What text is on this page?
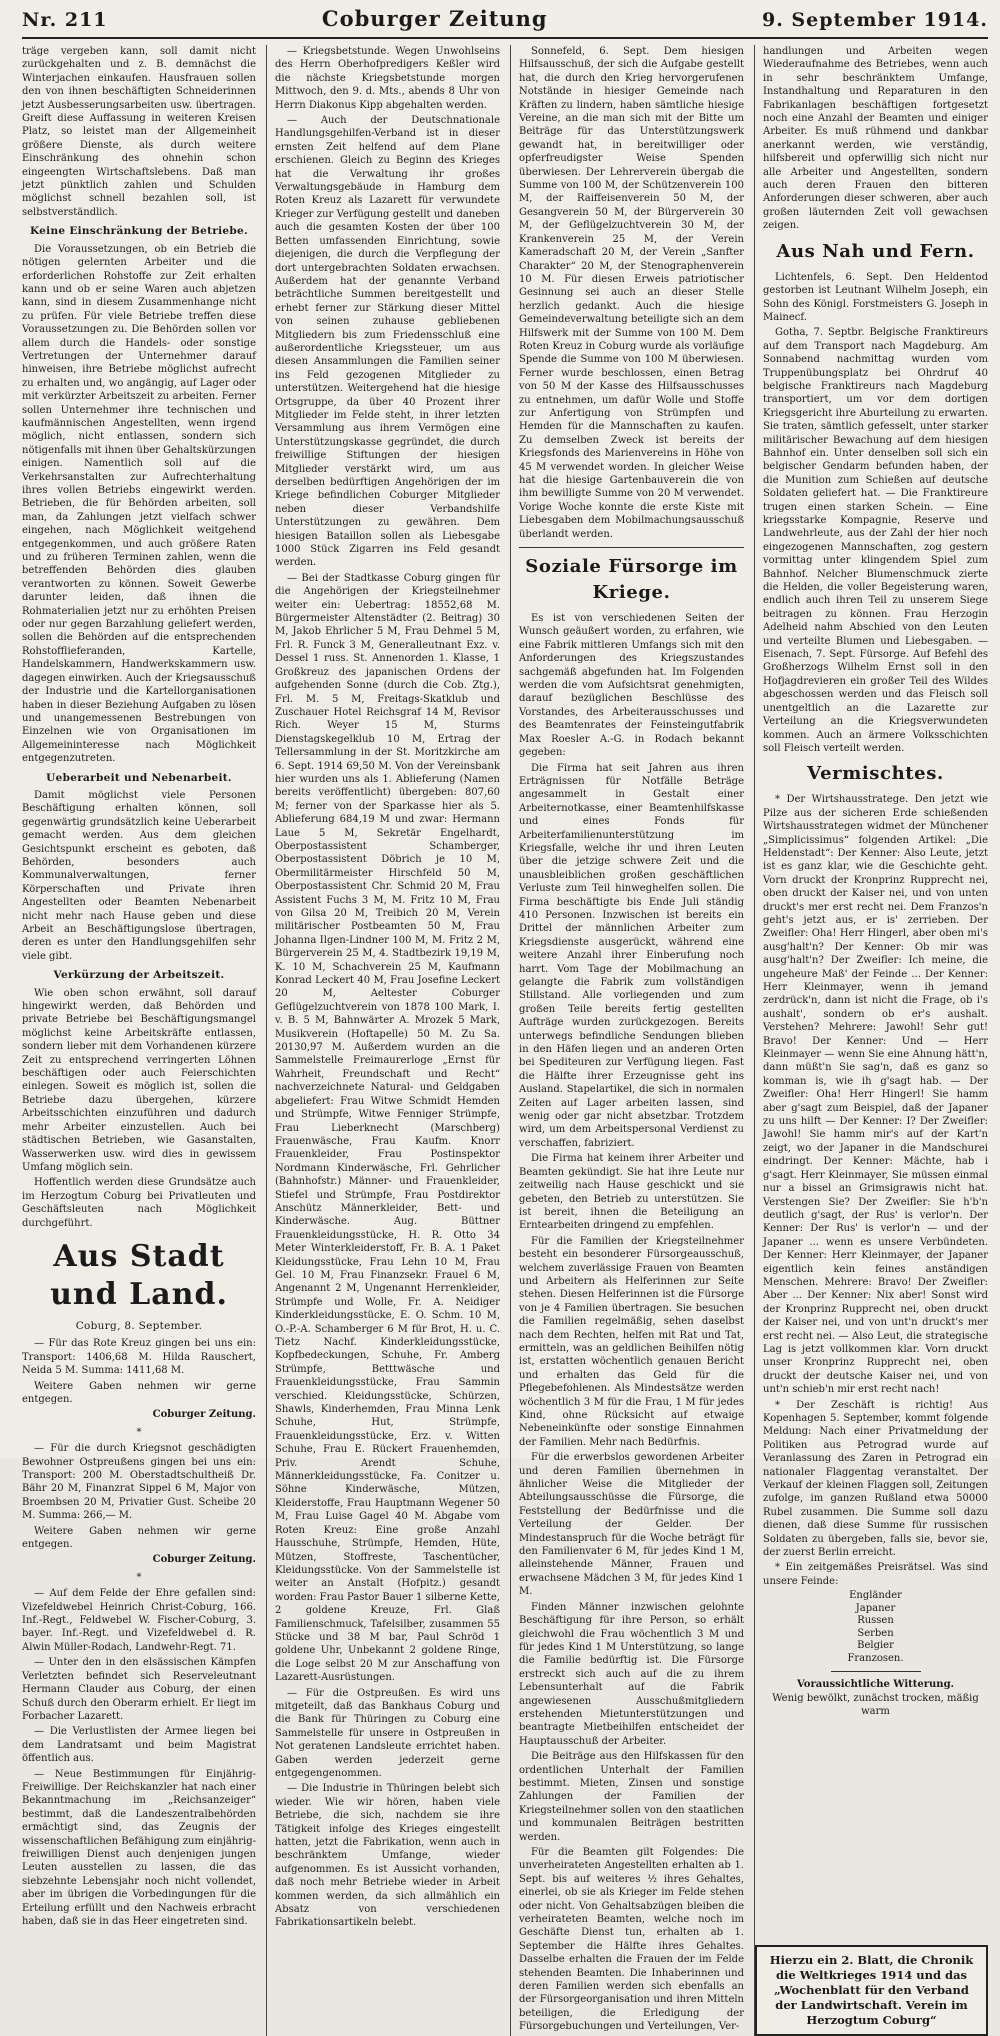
Nr. 211	Coburger Zeitung	9. September 1914.

träge vergeben kann, soll damit nicht zurückgehalten und z. B. demnächst die Winterjachen einkaufen. Hausfrauen sollen den von ihnen beschäftigten Schneiderinnen jetzt Ausbesserungsarbeiten usw. übertragen. Greift diese Auffassung in weiteren Kreisen Platz, so leistet man der Allgemeinheit größere Dienste, als durch weitere Einschränkung des ohnehin schon eingeengten Wirtschaftslebens. Daß man jetzt pünktlich zahlen und Schulden möglichst schnell bezahlen soll, ist selbstverständlich.

Keine Einschränkung der Betriebe.

Die Voraussetzungen, ob ein Betrieb die nötigen gelernten Arbeiter und die erforderlichen Rohstoffe zur Zeit erhalten kann und ob er seine Waren auch abjetzen kann, sind in diesem Zusammenhange nicht zu prüfen. Für viele Betriebe treffen diese Voraussetzungen zu. Die Behörden sollen vor allem durch die Handels- oder sonstige Vertretungen der Unternehmer darauf hinweisen, ihre Betriebe möglichst aufrecht zu erhalten und, wo angängig, auf Lager oder mit verkürzter Arbeitszeit zu arbeiten. Ferner sollen Unternehmer ihre technischen und kaufmännischen Angestellten, wenn irgend möglich, nicht entlassen, sondern sich nötigenfalls mit ihnen über Gehaltskürzungen einigen. Namentlich soll auf die Verkehrsanstalten zur Aufrechterhaltung ihres vollen Betriebs eingewirkt werden. Betrieben, die für Behörden arbeiten, soll man, da Zahlungen jetzt vielfach schwer eingehen, nach Möglichkeit weitgehend entgegenkommen, und auch größere Raten und zu früheren Terminen zahlen, wenn die betreffenden Behörden dies glauben verantworten zu können. Soweit Gewerbe darunter leiden, daß ihnen die Rohmaterialien jetzt nur zu erhöhten Preisen oder nur gegen Barzahlung geliefert werden, sollen die Behörden auf die entsprechenden Rohstofflieferanden, Kartelle, Handelskammern, Handwerkskammern usw. dagegen einwirken. Auch der Kriegsausschuß der Industrie und die Kartellorganisationen haben in dieser Beziehung Aufgaben zu lösen und unangemessenen Bestrebungen von Einzelnen wie von Organisationen im Allgemeininteresse nach Möglichkeit entgegenzutreten.

Ueberarbeit und Nebenarbeit.

Damit möglichst viele Personen Beschäftigung erhalten können, soll gegenwärtig grundsätzlich keine Ueberarbeit gemacht werden. Aus dem gleichen Gesichtspunkt erscheint es geboten, daß Behörden, besonders auch Kommunalverwaltungen, ferner Körperschaften und Private ihren Angestellten oder Beamten Nebenarbeit nicht mehr nach Hause geben und diese Arbeit an Beschäftigungslose übertragen, deren es unter den Handlungsgehilfen sehr viele gibt.

Verkürzung der Arbeitszeit.

Wie oben schon erwähnt, soll darauf hingewirkt werden, daß Behörden und private Betriebe bei Beschäftigungsmangel möglichst keine Arbeitskräfte entlassen, sondern lieber mit dem Vorhandenen kürzere Zeit zu entsprechend verringerten Löhnen beschäftigen oder auch Feierschichten einlegen. Soweit es möglich ist, sollen die Betriebe dazu übergehen, kürzere Arbeitsschichten einzuführen und dadurch mehr Arbeiter einzustellen. Auch bei städtischen Betrieben, wie Gasanstalten, Wasserwerken usw. wird dies in gewissem Umfang möglich sein.

Hoffentlich werden diese Grundsätze auch im Herzogtum Coburg bei Privatleuten und Geschäftsleuten nach Möglichkeit durchgeführt.

Aus Stadt und Land.
Coburg, 8. September.

— Für das Rote Kreuz gingen bei uns ein: Transport: 1406,68 M. Hilda Rauschert, Neida 5 M. Summa: 1411,68 M.

Weitere Gaben nehmen wir gerne entgegen.

Coburger Zeitung.
*

— Für die durch Kriegsnot geschädigten Bewohner Ostpreußens gingen bei uns ein: Transport: 200 M. Oberstadtschultheiß Dr. Bähr 20 M, Finanzrat Sippel 6 M, Major von Broembsen 20 M, Privatier Gust. Scheibe 20 M. Summa: 266,— M.

Weitere Gaben nehmen wir gerne entgegen.

Coburger Zeitung.
*

— Auf dem Felde der Ehre gefallen sind: Vizefeldwebel Heinrich Christ-Coburg, 166. Inf.-Regt., Feldwebel W. Fischer-Coburg, 3. bayer. Inf.-Regt. und Vizefeldwebel d. R. Alwin Müller-Rodach, Landwehr-Regt. 71.

— Unter den in den elsässischen Kämpfen Verletzten befindet sich Reserveleutnant Hermann Clauder aus Coburg, der einen Schuß durch den Oberarm erhielt. Er liegt im Forbacher Lazarett.

— Die Verlustlisten der Armee liegen bei dem Landratsamt und beim Magistrat öffentlich aus.

— Neue Bestimmungen für Einjährig-Freiwillige. Der Reichskanzler hat nach einer Bekanntmachung im „Reichsanzeiger“ bestimmt, daß die Landeszentralbehörden ermächtigt sind, das Zeugnis der wissenschaftlichen Befähigung zum einjährig-freiwilligen Dienst auch denjenigen jungen Leuten ausstellen zu lassen, die das siebzehnte Lebensjahr noch nicht vollendet, aber im übrigen die Vorbedingungen für die Erteilung erfüllt und den Nachweis erbracht haben, daß sie in das Heer eingetreten sind.

— Kriegsbetstunde. Wegen Unwohlseins des Herrn Oberhofpredigers Keßler wird die nächste Kriegsbetstunde morgen Mittwoch, den 9. d. Mts., abends 8 Uhr von Herrn Diakonus Kipp abgehalten werden.

— Auch der Deutschnationale Handlungsgehilfen-Verband ist in dieser ernsten Zeit helfend auf dem Plane erschienen. Gleich zu Beginn des Krieges hat die Verwaltung ihr großes Verwaltungsgebäude in Hamburg dem Roten Kreuz als Lazarett für verwundete Krieger zur Verfügung gestellt und daneben auch die gesamten Kosten der über 100 Betten umfassenden Einrichtung, sowie diejenigen, die durch die Verpflegung der dort untergebrachten Soldaten erwachsen. Außerdem hat der genannte Verband beträchtliche Summen bereitgestellt und erhebt ferner zur Stärkung dieser Mittel von seinen zuhause gebliebenen Mitgliedern bis zum Friedensschluß eine außerordentliche Kriegssteuer, um aus diesen Ansammlungen die Familien seiner ins Feld gezogenen Mitglieder zu unterstützen. Weitergehend hat die hiesige Ortsgruppe, da über 40 Prozent ihrer Mitglieder im Felde steht, in ihrer letzten Versammlung aus ihrem Vermögen eine Unterstützungskasse gegründet, die durch freiwillige Stiftungen der hiesigen Mitglieder verstärkt wird, um aus derselben bedürftigen Angehörigen der im Kriege befindlichen Coburger Mitglieder neben dieser Verbandshilfe Unterstützungen zu gewähren. Dem hiesigen Bataillon sollen als Liebesgabe 1000 Stück Zigarren ins Feld gesandt werden.

— Bei der Stadtkasse Coburg gingen für die Angehörigen der Kriegsteilnehmer weiter ein: Uebertrag: 18552,68 M. Bürgermeister Altenstädter (2. Beitrag) 30 M, Jakob Ehrlicher 5 M, Frau Dehmel 5 M, Frl. R. Funck 3 M, Generalleutnant Exz. v. Dessel 1 russ. St. Annenorden 1. Klasse, 1 Großkreuz des japanischen Ordens der aufgehenden Sonne (durch die Cob. Ztg.), Frl. M. 5 M, Freitags-Skatklub und Zuschauer Hotel Reichsgraf 14 M, Revisor Rich. Weyer 15 M, Sturms Dienstagskegelklub 10 M, Ertrag der Tellersammlung in der St. Moritzkirche am 6. Sept. 1914 69,50 M. Von der Vereinsbank hier wurden uns als 1. Ablieferung (Namen bereits veröffentlicht) übergeben: 807,60 M; ferner von der Sparkasse hier als 5. Ablieferung 684,19 M und zwar: Hermann Laue 5 M, Sekretär Engelhardt, Oberpostassistent Schamberger, Oberpostassistent Döbrich je 10 M, Obermilitärmeister Hirschfeld 50 M, Oberpostassistent Chr. Schmid 20 M, Frau Assistent Fuchs 3 M, M. Fritz 10 M, Frau von Gilsa 20 M, Treibich 20 M, Verein militärischer Postbeamten 50 M, Frau Johanna Ilgen-Lindner 100 M, M. Fritz 2 M, Bürgerverein 25 M, 4. Stadtbezirk 19,19 M, K. 10 M, Schachverein 25 M, Kaufmann Konrad Leckert 40 M, Frau Josefine Leckert 20 M, Aeltester Coburger Geflügelzuchtverein von 1878 100 Mark, I. v. B. 5 M, Bahnwärter A. Mrozek 5 Mark, Musikverein (Hoftapelle) 50 M. Zu Sa. 20130,97 M. Außerdem wurden an die Sammelstelle Freimaurerloge „Ernst für Wahrheit, Freundschaft und Recht“ nachverzeichnete Natural- und Geldgaben abgeliefert: Frau Witwe Schmidt Hemden und Strümpfe, Witwe Fenniger Strümpfe, Frau Lieberknecht (Marschberg) Frauenwäsche, Frau Kaufm. Knorr Frauenkleider, Frau Postinspektor Nordmann Kinderwäsche, Frl. Gehrlicher (Bahnhofstr.) Männer- und Frauenkleider, Stiefel und Strümpfe, Frau Postdirektor Anschütz Männerkleider, Bett- und Kinderwäsche. Aug. Büttner Frauenkleidungsstücke, H. R. Otto 34 Meter Winterkleiderstoff, Fr. B. A. 1 Paket Kleidungsstücke, Frau Lehn 10 M, Frau Gel. 10 M, Frau Finanzsekr. Frauel 6 M, Angenannt 2 M, Ungenannt Herrenkleider, Strümpfe und Wolle, Fr. A. Neidiger Kinderkleidungsstücke, E. O. Schm. 10 M, O.-P.-A. Schamberger 6 M für Brot, H. u. C. Tietz Nachf. Kinderkleidungsstücke, Kopfbedeckungen, Schuhe, Fr. Amberg Strümpfe, Betttwäsche und Frauenkleidungsstücke, Frau Sammin verschied. Kleidungsstücke, Schürzen, Shawls, Kinderhemden, Frau Minna Lenk Schuhe, Hut, Strümpfe, Frauenkleidungsstücke, Erz. v. Witten Schuhe, Frau E. Rückert Frauenhemden, Priv. Arendt Schuhe, Männerkleidungsstücke, Fa. Conitzer u. Söhne Kinderwäsche, Mützen, Kleiderstoffe, Frau Hauptmann Wegener 50 M, Frau Luise Gagel 40 M. Abgabe vom Roten Kreuz: Eine große Anzahl Hausschuhe, Strümpfe, Hemden, Hüte, Mützen, Stoffreste, Taschentücher, Kleidungsstücke. Von der Sammelstelle ist weiter an Anstalt (Hofpitz.) gesandt worden: Frau Pastor Bauer 1 silberne Kette, 2 goldene Kreuze, Frl. Glaß Familienschmuck, Tafelsilber, zusammen 55 Stücke und 38 M bar, Paul Schröd 1 goldene Uhr, Unbekannt 2 goldene Ringe, die Loge selbst 20 M zur Anschaffung von Lazarett-Ausrüstungen.

— Für die Ostpreußen. Es wird uns mitgeteilt, daß das Bankhaus Coburg und die Bank für Thüringen zu Coburg eine Sammelstelle für unsere in Ostpreußen in Not geratenen Landsleute errichtet haben. Gaben werden jederzeit gerne entgegengenommen.

— Die Industrie in Thüringen belebt sich wieder. Wie wir hören, haben viele Betriebe, die sich, nachdem sie ihre Tätigkeit infolge des Krieges eingestellt hatten, jetzt die Fabrikation, wenn auch in beschränktem Umfange, wieder aufgenommen. Es ist Aussicht vorhanden, daß noch mehr Betriebe wieder in Arbeit kommen werden, da sich allmählich ein Absatz von verschiedenen Fabrikationsartikeln belebt.

Sonnefeld, 6. Sept. Dem hiesigen Hilfsausschuß, der sich die Aufgabe gestellt hat, die durch den Krieg hervorgerufenen Notstände in hiesiger Gemeinde nach Kräften zu lindern, haben sämtliche hiesige Vereine, an die man sich mit der Bitte um Beiträge für das Unterstützungswerk gewandt hat, in bereitwilliger oder opferfreudigster Weise Spenden überwiesen. Der Lehrerverein übergab die Summe von 100 M, der Schützenverein 100 M, der Raiffeisenverein 50 M, der Gesangverein 50 M, der Bürgerverein 30 M, der Geflügelzuchtverein 30 M, der Krankenverein 25 M, der Verein Kameradschaft 20 M, der Verein „Sanfter Charakter“ 20 M, der Stenographenverein 10 M. Für diesen Erweis patriotischer Gesinnung sei auch an dieser Stelle herzlich gedankt. Auch die hiesige Gemeindeverwaltung beteiligte sich an dem Hilfswerk mit der Summe von 100 M. Dem Roten Kreuz in Coburg wurde als vorläufige Spende die Summe von 100 M überwiesen. Ferner wurde beschlossen, einen Betrag von 50 M der Kasse des Hilfsausschusses zu entnehmen, um dafür Wolle und Stoffe zur Anfertigung von Strümpfen und Hemden für die Mannschaften zu kaufen. Zu demselben Zweck ist bereits der Kriegsfonds des Marienvereins in Höhe von 45 M verwendet worden. In gleicher Weise hat die hiesige Gartenbauverein die von ihm bewilligte Summe von 20 M verwendet. Vorige Woche konnte die erste Kiste mit Liebesgaben dem Mobilmachungsausschuß überlandt werden.

Soziale Fürsorge im Kriege.

Es ist von verschiedenen Seiten der Wunsch geäußert worden, zu erfahren, wie eine Fabrik mittleren Umfangs sich mit den Anforderungen des Kriegszustandes sachgemäß abgefunden hat. Im Folgenden werden die vom Aufsichtsrat genehmigten, darauf bezüglichen Beschlüsse des Vorstandes, des Arbeiterausschusses und des Beamtenrates der Feinsteingutfabrik Max Roesler A.-G. in Rodach bekannt gegeben:

Die Firma hat seit Jahren aus ihren Erträgnissen für Notfälle Beträge angesammelt in Gestalt einer Arbeiternotkasse, einer Beamtenhilfskasse und eines Fonds für Arbeiterfamilienunterstützung im Kriegsfalle, welche ihr und ihren Leuten über die jetzige schwere Zeit und die unausbleiblichen großen geschäftlichen Verluste zum Teil hinweghelfen sollen. Die Firma beschäftigte bis Ende Juli ständig 410 Personen. Inzwischen ist bereits ein Drittel der männlichen Arbeiter zum Kriegsdienste ausgerückt, während eine weitere Anzahl ihrer Einberufung noch harrt. Vom Tage der Mobilmachung an gelangte die Fabrik zum vollständigen Stillstand. Alle vorliegenden und zum großen Teile bereits fertig gestellten Aufträge wurden zurückgezogen. Bereits unterwegs befindliche Sendungen blieben in den Häfen liegen und an anderen Orten bei Spediteuren zur Verfügung liegen. Fast die Hälfte ihrer Erzeugnisse geht ins Ausland. Stapelartikel, die sich in normalen Zeiten auf Lager arbeiten lassen, sind wenig oder gar nicht absetzbar. Trotzdem wird, um dem Arbeitspersonal Verdienst zu verschaffen, fabriziert.

Die Firma hat keinem ihrer Arbeiter und Beamten gekündigt. Sie hat ihre Leute nur zeitweilig nach Hause geschickt und sie gebeten, den Betrieb zu unterstützen. Sie ist bereit, ihnen die Beteiligung an Erntearbeiten dringend zu empfehlen.

Für die Familien der Kriegsteilnehmer besteht ein besonderer Fürsorgeausschuß, welchem zuverlässige Frauen von Beamten und Arbeitern als Helferinnen zur Seite stehen. Diesen Helferinnen ist die Fürsorge von je 4 Familien übertragen. Sie besuchen die Familien regelmäßig, sehen daselbst nach dem Rechten, helfen mit Rat und Tat, ermitteln, was an geldlichen Beihilfen nötig ist, erstatten wöchentlich genauen Bericht und erhalten das Geld für die Pflegebefohlenen. Als Mindestsätze werden wöchentlich 3 M für die Frau, 1 M für jedes Kind, ohne Rücksicht auf etwaige Nebeneinkünfte oder sonstige Einnahmen der Familien. Mehr nach Bedürfnis.

Für die erwerbslos gewordenen Arbeiter und deren Familien übernehmen in ähnlicher Weise die Mitglieder der Abteilungsausschüsse die Fürsorge, die Feststellung der Bedürfnisse und die Verteilung der Gelder. Der Mindestanspruch für die Woche beträgt für den Familienvater 6 M, für jedes Kind 1 M, alleinstehende Männer, Frauen und erwachsene Mädchen 3 M, für jedes Kind 1 M.

Finden Männer inzwischen gelohnte Beschäftigung für ihre Person, so erhält gleichwohl die Frau wöchentlich 3 M und für jedes Kind 1 M Unterstützung, so lange die Familie bedürftig ist. Die Fürsorge erstreckt sich auch auf die zu ihrem Lebensunterhalt auf die Fabrik angewiesenen Ausschußmitgliedern erstehenden Mietunterstützungen und beantragte Mietbeihilfen entscheidet der Hauptausschuß der Arbeiter.

Die Beiträge aus den Hilfskassen für den ordentlichen Unterhalt der Familien bestimmt. Mieten, Zinsen und sonstige Zahlungen der Familien der Kriegsteilnehmer sollen von den staatlichen und kommunalen Beiträgen bestritten werden.

Für die Beamten gilt Folgendes: Die unverheirateten Angestellten erhalten ab 1. Sept. bis auf weiteres ½ ihres Gehaltes, einerlei, ob sie als Krieger im Felde stehen oder nicht. Von Gehaltsabzügen bleiben die verheirateten Beamten, welche noch im Geschäfte Dienst tun, erhalten ab 1. September die Hälfte ihres Gehaltes. Dasselbe erhalten die Frauen der im Felde stehenden Beamten. Die Inhaberinnen und deren Familien werden sich ebenfalls an der Fürsorgeorganisation und ihren Mitteln beteiligen, die Erledigung der Fürsorgebuchungen und Verteilungen, Ver-

handlungen und Arbeiten wegen Wiederaufnahme des Betriebes, wenn auch in sehr beschränktem Umfange, Instandhaltung und Reparaturen in den Fabrikanlagen beschäftigen fortgesetzt noch eine Anzahl der Beamten und einiger Arbeiter. Es muß rühmend und dankbar anerkannt werden, wie verständig, hilfsbereit und opferwillig sich nicht nur alle Arbeiter und Angestellten, sondern auch deren Frauen den bitteren Anforderungen dieser schweren, aber auch großen läuternden Zeit voll gewachsen zeigen.

Aus Nah und Fern.

Lichtenfels, 6. Sept. Den Heldentod gestorben ist Leutnant Wilhelm Joseph, ein Sohn des Königl. Forstmeisters G. Joseph in Mainecf.

Gotha, 7. Septbr. Belgische Franktireurs auf dem Transport nach Magdeburg. Am Sonnabend nachmittag wurden vom Truppenübungsplatz bei Ohrdruf 40 belgische Franktireurs nach Magdeburg transportiert, um vor dem dortigen Kriegsgericht ihre Aburteilung zu erwarten. Sie traten, sämtlich gefesselt, unter starker militärischer Bewachung auf dem hiesigen Bahnhof ein. Unter denselben soll sich ein belgischer Gendarm befunden haben, der die Munition zum Schießen auf deutsche Soldaten geliefert hat. — Die Franktireure trugen einen starken Schein. — Eine kriegsstarke Kompagnie, Reserve und Landwehrleute, aus der Zahl der hier noch eingezogenen Mannschaften, zog gestern vormittag unter klingendem Spiel zum Bahnhof. Nelcher Blumenschmuck zierte die Helden, die voller Begeisterung waren, endlich auch ihren Teil zu unserem Siege beitragen zu können. Frau Herzogin Adelheid nahm Abschied von den Leuten und verteilte Blumen und Liebesgaben. — Eisenach, 7. Sept. Fürsorge. Auf Befehl des Großherzogs Wilhelm Ernst soll in den Hofjagdrevieren ein großer Teil des Wildes abgeschossen werden und das Fleisch soll unentgeltlich an die Lazarette zur Verteilung an die Kriegsverwundeten kommen. Auch an ärmere Volksschichten soll Fleisch verteilt werden.

Vermischtes.

* Der Wirtshausstratege. Den jetzt wie Pilze aus der sicheren Erde schießenden Wirtshausstrategen widmet der Münchener „Simplicissimus“ folgenden Artikel: „Die Heldenstadt“: Der Kenner: Also Leute, jetzt ist es ganz klar, wie die Geschichte geht. Vorn druckt der Kronprinz Rupprecht nei, oben druckt der Kaiser nei, und von unten druckt's mer erst recht nei. Dem Franzos'n geht's jetzt aus, er is' zerrieben. Der Zweifler: Oha! Herr Hingerl, aber oben mi's ausg'halt'n? Der Kenner: Ob mir was ausg'halt'n? Der Zweifler: Ich meine, die ungeheure Maß' der Feinde ... Der Kenner: Herr Kleinmayer, wenn ih jemand zerdrück'n, dann ist nicht die Frage, ob i's aushalt', sondern ob er's aushalt. Verstehen? Mehrere: Jawohl! Sehr gut! Bravo! Der Kenner: Und — Herr Kleinmayer — wenn Sie eine Ahnung hätt'n, dann müßt'n Sie sag'n, daß es ganz so komman is, wie ih g'sagt hab. — Der Zweifler: Oha! Herr Hingerl! Sie hamm aber g'sagt zum Beispiel, daß der Japaner zu uns hilft — Der Kenner: I? Der Zweifler: Jawohl! Sie hamm mir's auf der Kart'n zeigt, wo der Japaner in die Mandschurei eindringt. Der Kenner: Mächte, hab i g'sagt. Herr Kleinmayer, Sie müssen einmal nur a bissel an Grimsigrawis nicht hat. Verstengen Sie? Der Zweifler: Sie h'b'n deutlich g'sagt, der Rus' is verlor'n. Der Kenner: Der Rus' is verlor'n — und der Japaner ... wenn es unsere Verbündeten. Der Kenner: Herr Kleinmayer, der Japaner eigentlich kein feines anständigen Menschen. Mehrere: Bravo! Der Zweifler: Aber ... Der Kenner: Nix aber! Sonst wird der Kronprinz Rupprecht nei, oben druckt der Kaiser nei, und von unt'n druckt's mer erst recht nei. — Also Leut, die strategische Lag is jetzt vollkommen klar. Vorn druckt unser Kronprinz Rupprecht nei, oben druckt der deutsche Kaiser nei, und von unt'n schieb'n mir erst recht nach!

* Der Zeschäft is richtig! Aus Kopenhagen 5. September, kommt folgende Meldung: Nach einer Privatmeldung der Politiken aus Petrograd wurde auf Veranlassung des Zaren in Petrograd ein nationaler Flaggentag veranstaltet. Der Verkauf der kleinen Flaggen soll, Zeitungen zufolge, im ganzen Rußland etwa 50000 Rubel zusammen. Die Summe soll dazu dienen, daß diese Summe für russischen Soldaten zu übergeben, falls sie, bevor sie, der zuerst Berlin erreicht.

* Ein zeitgemäßes Preisrätsel. Was sind unsere Feinde:

Engländer
Japaner
Russen
Serben
Belgier
Franzosen.
Voraussichtliche Witterung.
Wenig bewölkt, zunächst trocken, mäßig warm
Hierzu ein 2. Blatt, die Chronik die Weltkrieges 1914 und das „Wochenblatt für den Verband der Landwirtschaft. Verein im Herzogtum Coburg“
